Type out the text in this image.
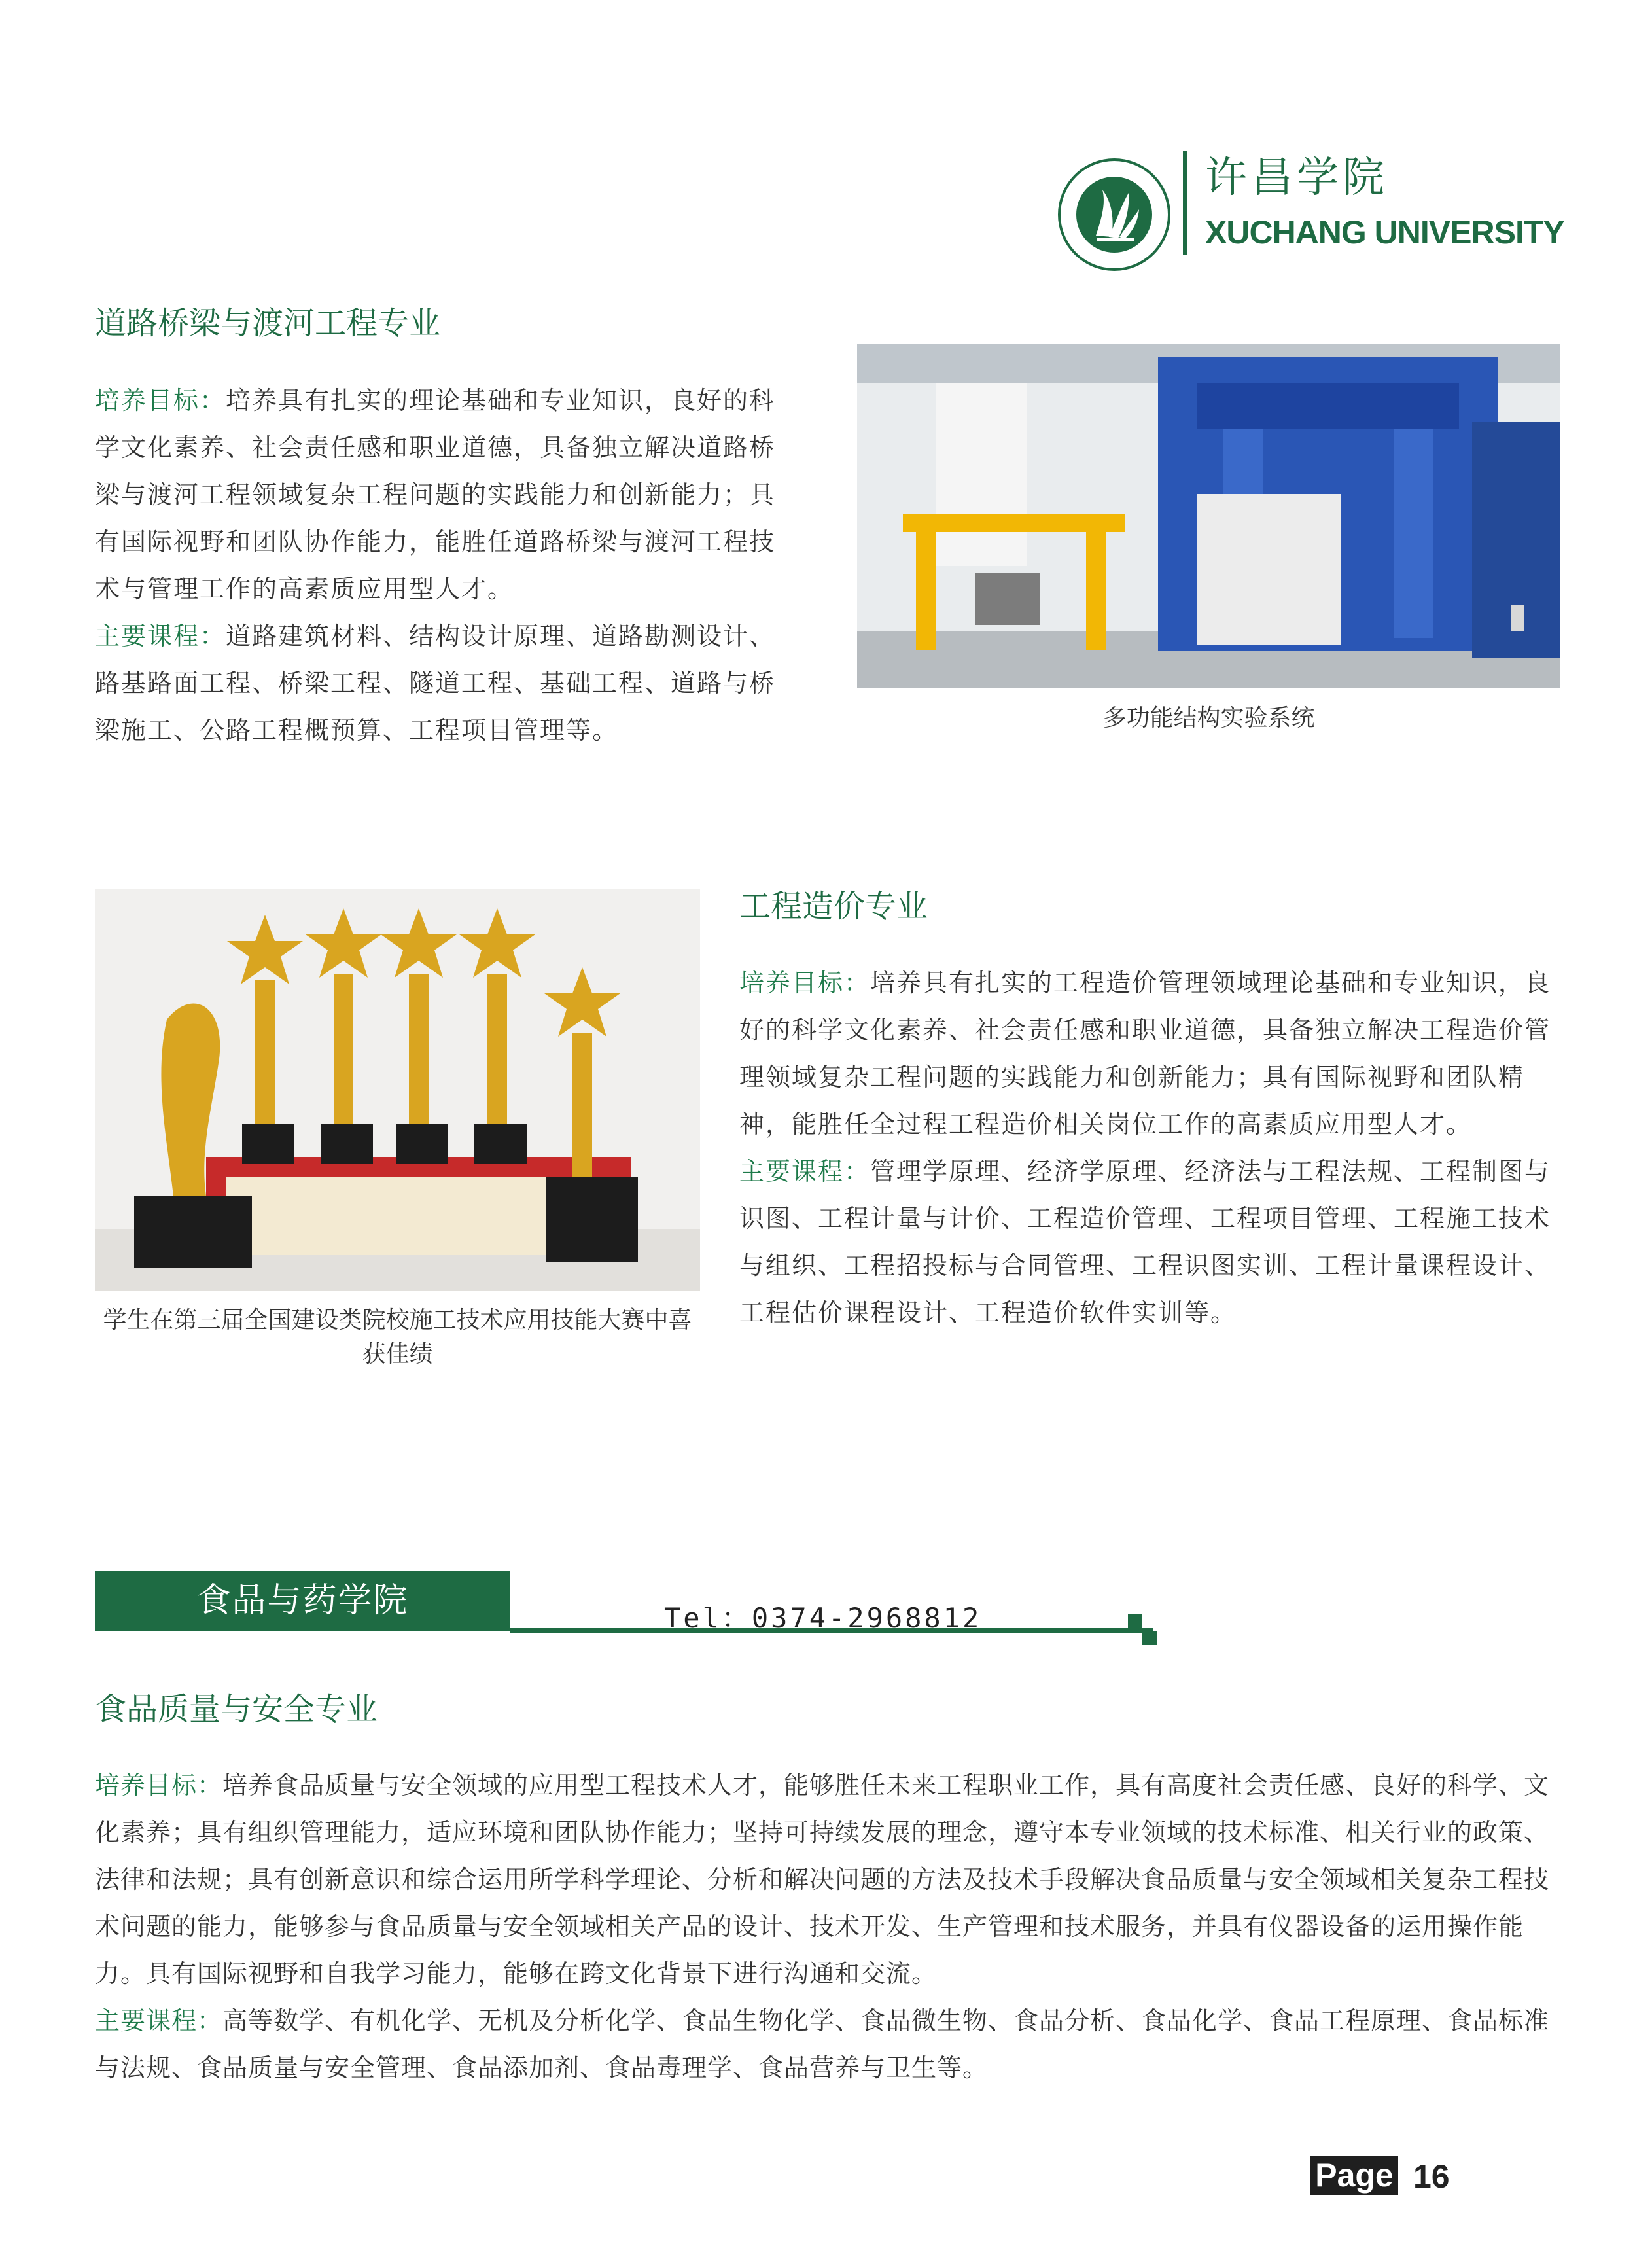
许昌学院
XUCHANG UNIVERSITY
道路桥梁与渡河工程专业
培养目标：培养具有扎实的理论基础和专业知识，良好的科学文化素养、社会责任感和职业道德，具备独立解决道路桥梁与渡河工程领域复杂工程问题的实践能力和创新能力；具有国际视野和团队协作能力，能胜任道路桥梁与渡河工程技术与管理工作的高素质应用型人才。
主要课程：道路建筑材料、结构设计原理、道路勘测设计、路基路面工程、桥梁工程、隧道工程、基础工程、道路与桥梁施工、公路工程概预算、工程项目管理等。	多功能结构实验系统
学生在第三届全国建设类院校施工技术应用技能大赛中喜获佳绩
工程造价专业
培养目标：培养具有扎实的工程造价管理领域理论基础和专业知识，良好的科学文化素养、社会责任感和职业道德，具备独立解决工程造价管理领域复杂工程问题的实践能力和创新能力；具有国际视野和团队精神，能胜任全过程工程造价相关岗位工作的高素质应用型人才。
主要课程：管理学原理、经济学原理、经济法与工程法规、工程制图与识图、工程计量与计价、工程造价管理、工程项目管理、工程施工技术与组织、工程招投标与合同管理、工程识图实训、工程计量课程设计、工程估价课程设计、工程造价软件实训等。
食品与药学院	Tel：0374-2968812
食品质量与安全专业
培养目标：培养食品质量与安全领域的应用型工程技术人才，能够胜任未来工程职业工作，具有高度社会责任感、良好的科学、文化素养；具有组织管理能力，适应环境和团队协作能力；坚持可持续发展的理念，遵守本专业领域的技术标准、相关行业的政策、法律和法规；具有创新意识和综合运用所学科学理论、分析和解决问题的方法及技术手段解决食品质量与安全领域相关复杂工程技术问题的能力，能够参与食品质量与安全领域相关产品的设计、技术开发、生产管理和技术服务，并具有仪器设备的运用操作能力。具有国际视野和自我学习能力，能够在跨文化背景下进行沟通和交流。
主要课程：高等数学、有机化学、无机及分析化学、食品生物化学、食品微生物、食品分析、食品化学、食品工程原理、食品标准与法规、食品质量与安全管理、食品添加剂、食品毒理学、食品营养与卫生等。
Page 16
